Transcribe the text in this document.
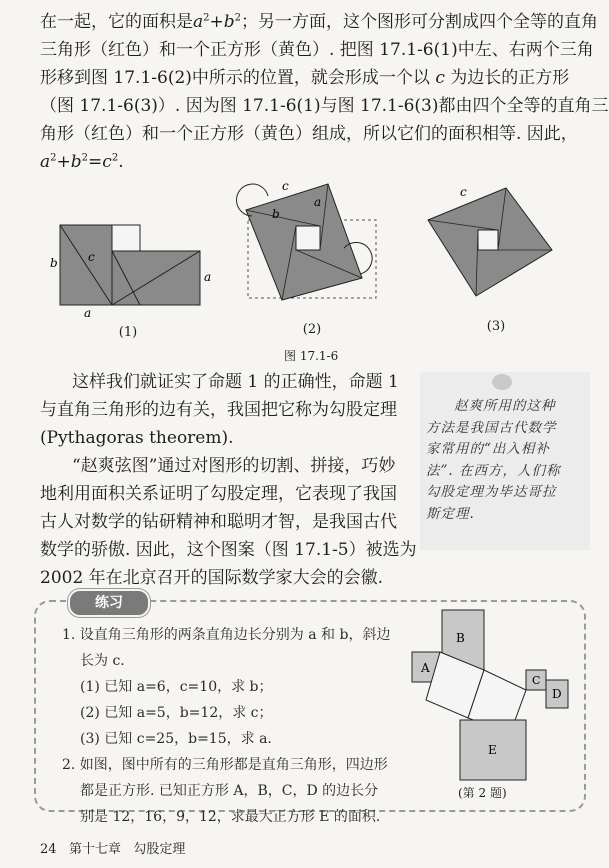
在一起，它的面积是$a^2+b^2$；另一方面，这个图形可分割成四个全等的直角

三角形（红色）和一个正方形（黄色）. 把图 17.1-6(1)中左、右两个三角

形移到图 17.1-6(2)中所示的位置，就会形成一个以 c 为边长的正方形

（图 17.1-6(3)）. 因为图 17.1-6(1)与图 17.1-6(3)都由四个全等的直角三

角形（红色）和一个正方形（黄色）组成，所以它们的面积相等. 因此，

$a^2+b^2=c^2$.

b	c
a
a
c
b
a
c
(1)	(2)	(3)
图 17.1-6

这样我们就证实了命题 1 的正确性，命题 1

与直角三角形的边有关，我国把它称为勾股定理

(Pythagoras theorem).

“赵爽弦图”通过对图形的切割、拼接，巧妙

地利用面积关系证明了勾股定理，它表现了我国

古人对数学的钻研精神和聪明才智，是我国古代

数学的骄傲. 因此，这个图案（图 17.1-5）被选为

2002 年在北京召开的国际数学家大会的会徽.

赵爽所用的这种
方法是我国古代数学
家常用的“出入相补
法”. 在西方，人们称
勾股定理为毕达哥拉
斯定理.
练习
1. 设直角三角形的两条直角边长分别为 a 和 b，斜边
长为 c.
(1) 已知 a=6，c=10，求 b；
(2) 已知 a=5，b=12，求 c；
(3) 已知 c=25，b=15，求 a.
2. 如图，图中所有的三角形都是直角三角形，四边形
都是正方形. 已知正方形 A，B，C，D 的边长分
别是 12，16，9，12，求最大正方形 E 的面积.
B
A
C
D
E
(第 2 题)
24 第十七章 勾股定理
